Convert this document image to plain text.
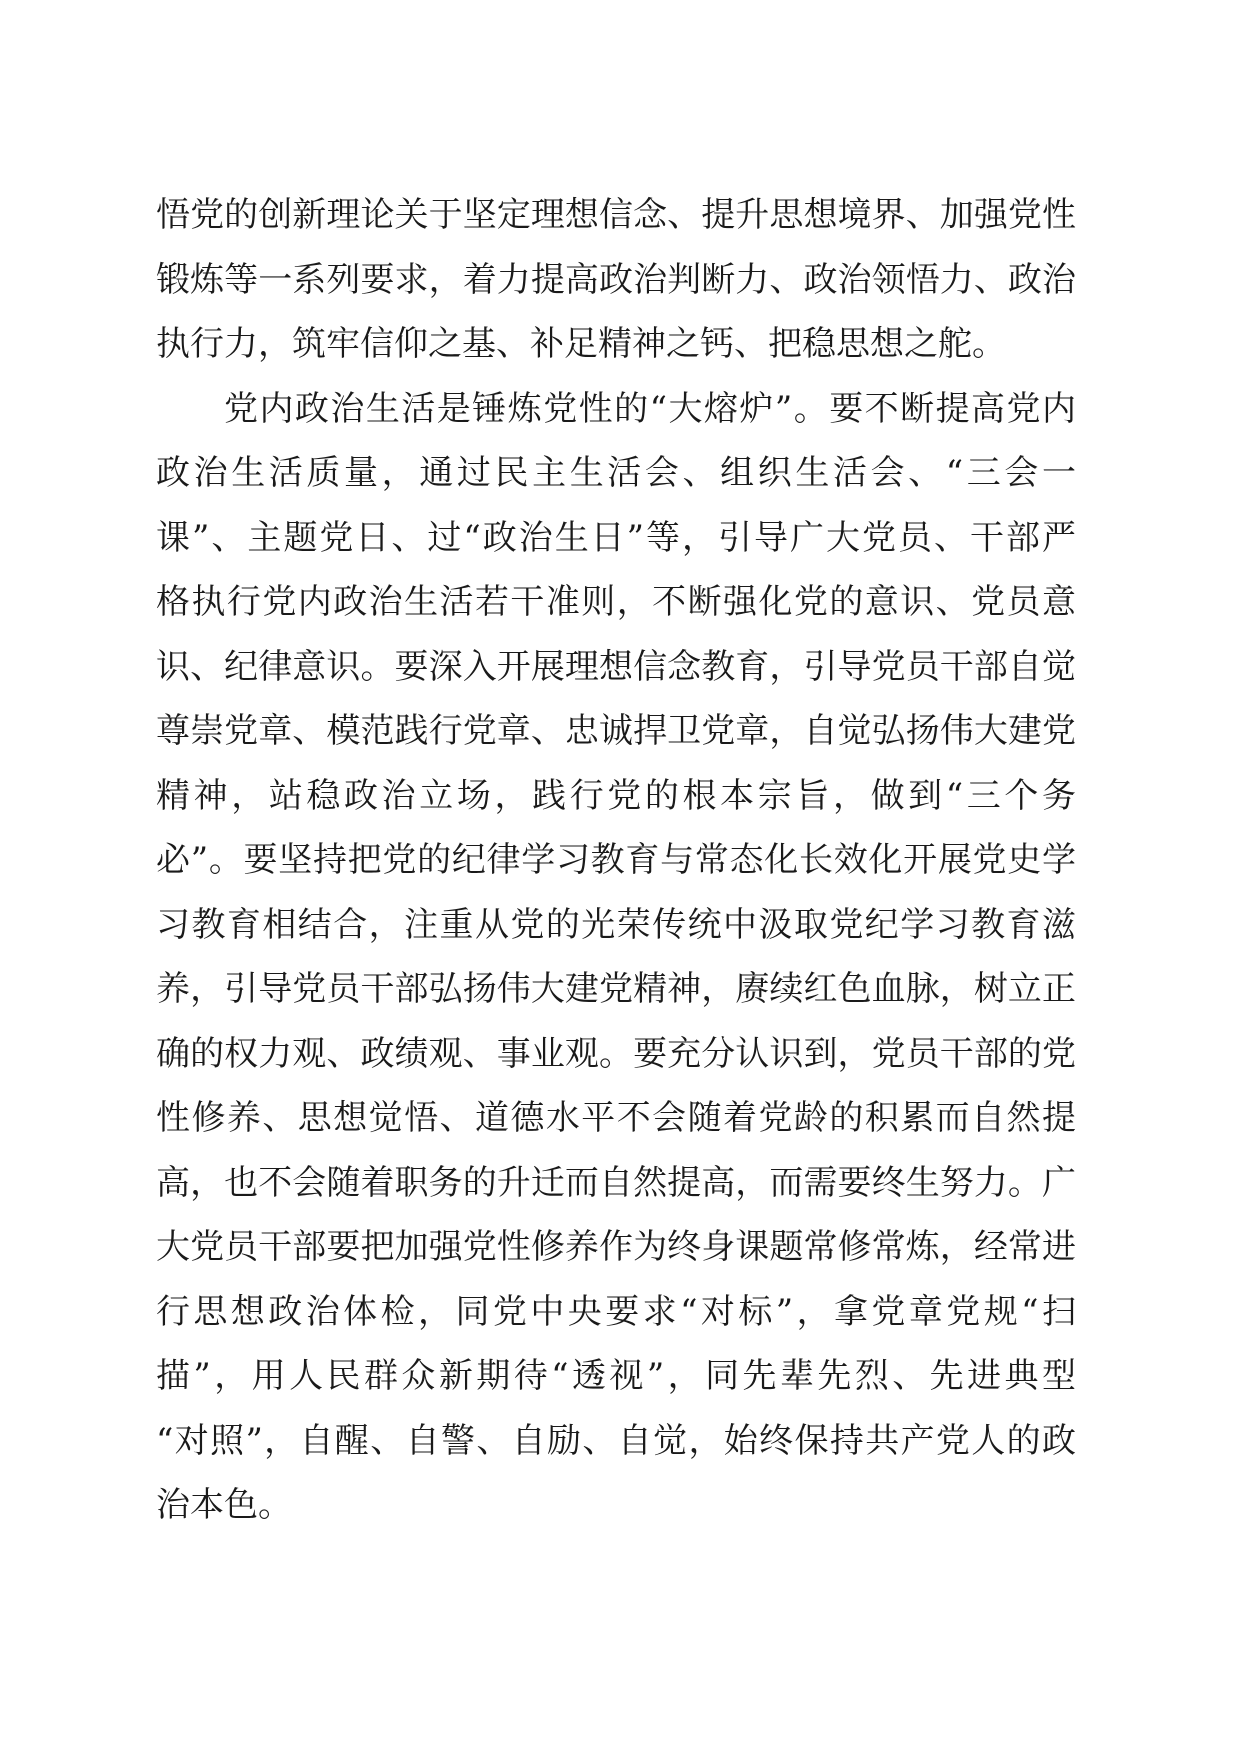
悟党的创新理论关于坚定理想信念、提升思想境界、加强党性
锻炼等一系列要求，着力提高政治判断力、政治领悟力、政治
执行力，筑牢信仰之基、补足精神之钙、把稳思想之舵。
党内政治生活是锤炼党性的“大熔炉”。要不断提高党内
政治生活质量，通过民主生活会、组织生活会、“三会一
课”、主题党日、过“政治生日”等，引导广大党员、干部严
格执行党内政治生活若干准则，不断强化党的意识、党员意
识、纪律意识。要深入开展理想信念教育，引导党员干部自觉
尊崇党章、模范践行党章、忠诚捍卫党章，自觉弘扬伟大建党
精神，站稳政治立场，践行党的根本宗旨，做到“三个务
必”。要坚持把党的纪律学习教育与常态化长效化开展党史学
习教育相结合，注重从党的光荣传统中汲取党纪学习教育滋
养，引导党员干部弘扬伟大建党精神，赓续红色血脉，树立正
确的权力观、政绩观、事业观。要充分认识到，党员干部的党
性修养、思想觉悟、道德水平不会随着党龄的积累而自然提
高，也不会随着职务的升迁而自然提高，而需要终生努力。广
大党员干部要把加强党性修养作为终身课题常修常炼，经常进
行思想政治体检，同党中央要求“对标”，拿党章党规“扫
描”，用人民群众新期待“透视”，同先辈先烈、先进典型
“对照”，自醒、自警、自励、自觉，始终保持共产党人的政
治本色。
